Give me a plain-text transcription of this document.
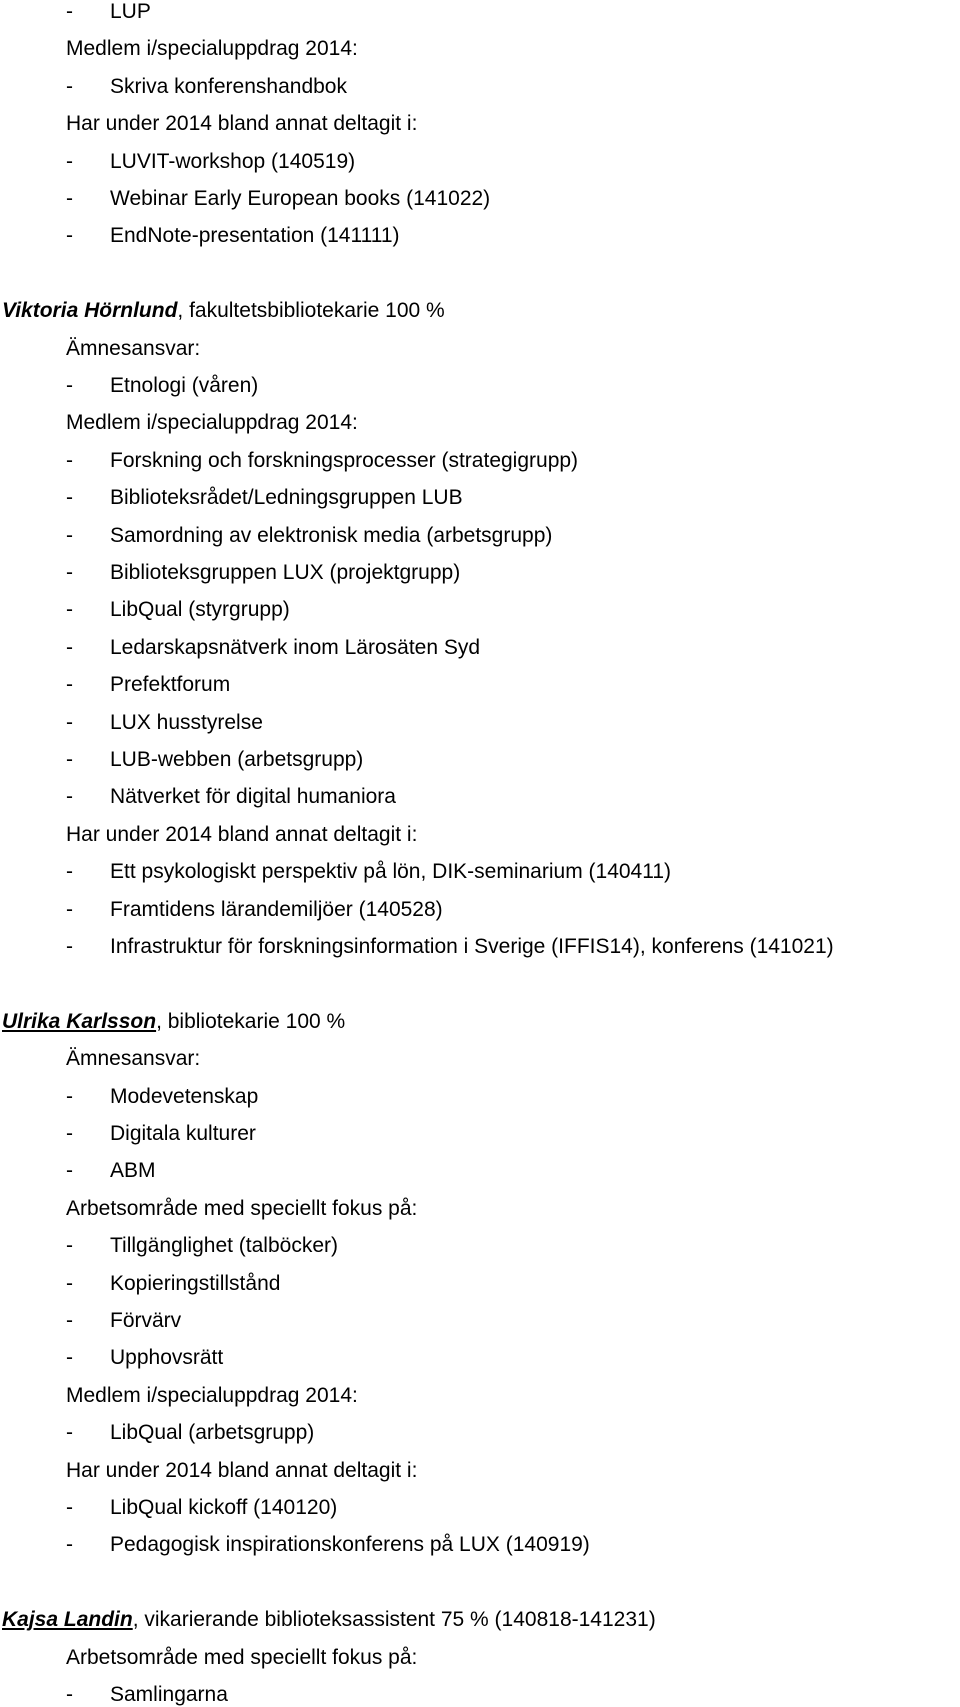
- LUP
Medlem i/specialuppdrag 2014:
- Skriva konferenshandbok
Har under 2014 bland annat deltagit i:
- LUVIT-workshop (140519)
- Webinar Early European books (141022)
- EndNote-presentation (141111)
Viktoria Hörnlund, fakultetsbibliotekarie 100 %
Ämnesansvar:
- Etnologi (våren)
Medlem i/specialuppdrag 2014:
- Forskning och forskningsprocesser (strategigrupp)
- Biblioteksrådet/Ledningsgruppen LUB
- Samordning av elektronisk media (arbetsgrupp)
- Biblioteksgruppen LUX (projektgrupp)
- LibQual (styrgrupp)
- Ledarskapsnätverk inom Lärosäten Syd
- Prefektforum
- LUX husstyrelse
- LUB-webben (arbetsgrupp)
- Nätverket för digital humaniora
Har under 2014 bland annat deltagit i:
- Ett psykologiskt perspektiv på lön, DIK-seminarium (140411)
- Framtidens lärandemiljöer (140528)
- Infrastruktur för forskningsinformation i Sverige (IFFIS14), konferens (141021)
Ulrika Karlsson, bibliotekarie 100 %
Ämnesansvar:
- Modevetenskap
- Digitala kulturer
- ABM
Arbetsområde med speciellt fokus på:
- Tillgänglighet (talböcker)
- Kopieringstillstånd
- Förvärv
- Upphovsrätt
Medlem i/specialuppdrag 2014:
- LibQual (arbetsgrupp)
Har under 2014 bland annat deltagit i:
- LibQual kickoff (140120)
- Pedagogisk inspirationskonferens på LUX (140919)
Kajsa Landin, vikarierande biblioteksassistent 75 % (140818-141231)
Arbetsområde med speciellt fokus på:
- Samlingarna
